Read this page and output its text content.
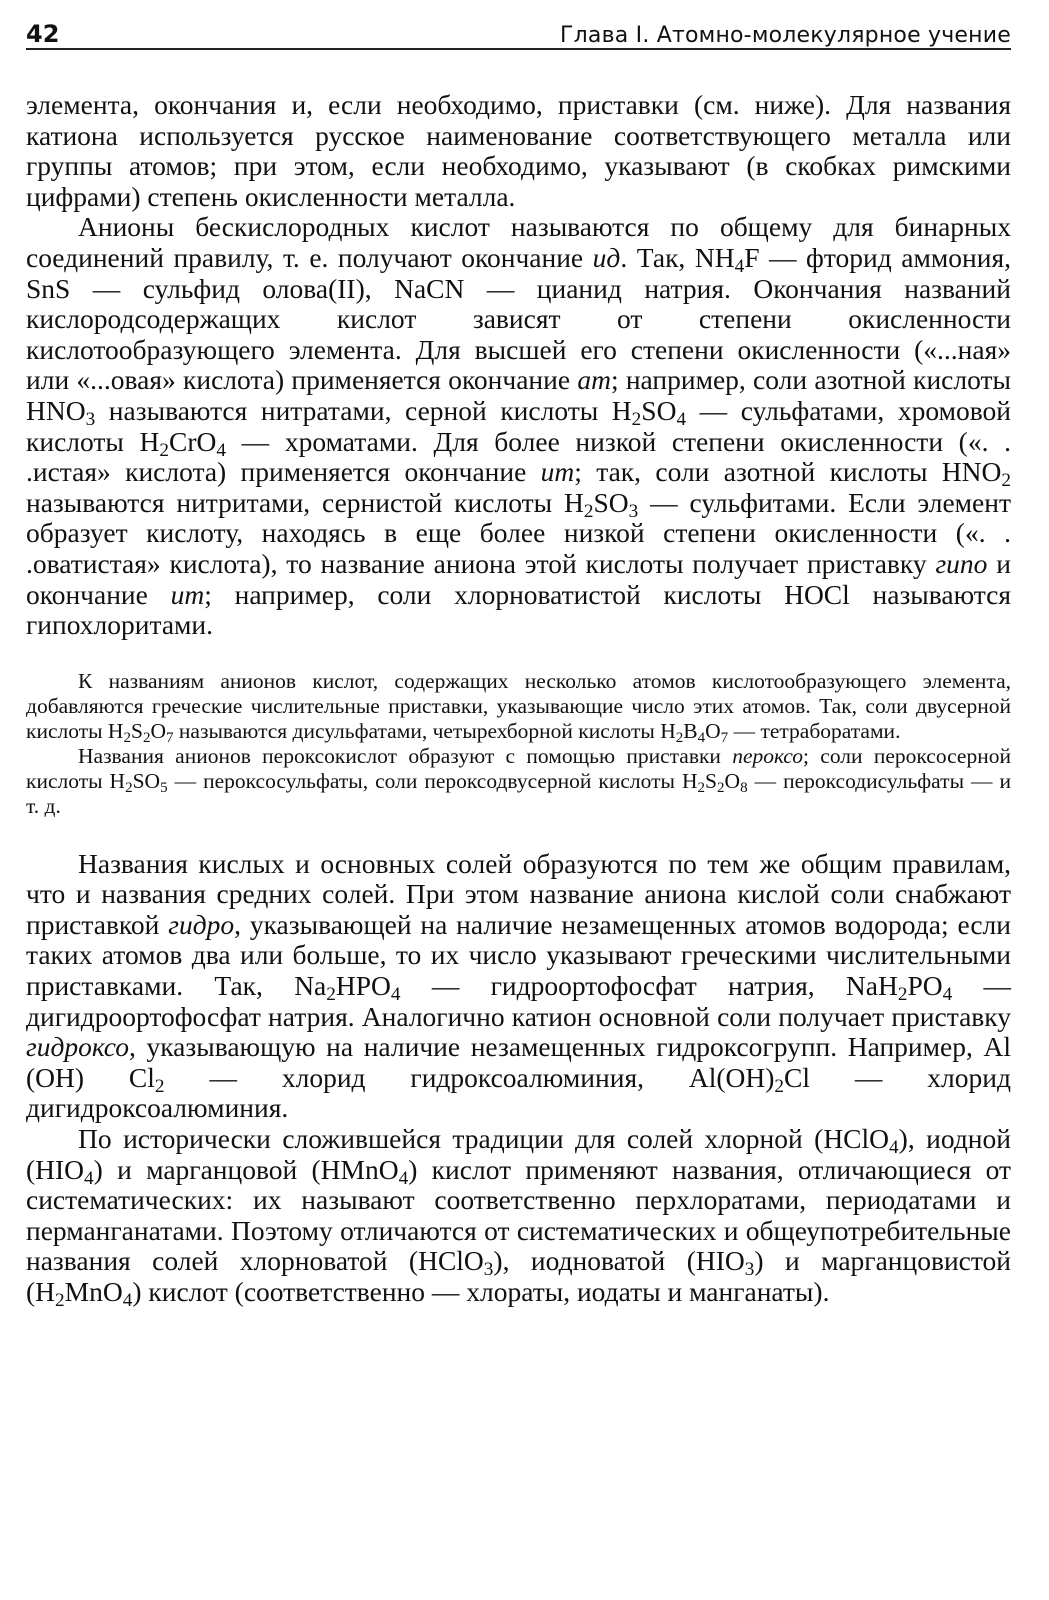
42	Глава I. Атомно-молекулярное учение

элемента, окончания и, если необходимо, приставки (см. ниже). Для названия катиона используется русское наименование соответствующего металла или группы атомов; при этом, если необходимо, указывают (в скобках римскими цифрами) степень окисленности металла.

Анионы бескислородных кислот называются по общему для бинарных соединений правилу, т. е. получают окончание ид. Так, $NH_4F$ — фторид аммония, SnS — сульфид олова(II), NaCN — цианид натрия. Окончания названий кислородсодержащих кислот зависят от степени окисленности кислотообразующего элемента. Для высшей его степени окисленности («...ная» или «...овая» кислота) применяется окончание ат; например, соли азотной кислоты $HNO_3$ называются нитратами, серной кислоты $H_2SO_4$ — сульфатами, хромовой кислоты $H_2CrO_4$ — хроматами. Для более низкой степени окисленности («. . .истая» кислота) применяется окончание ит; так, соли азотной кислоты $HNO_2$ называются нитритами, сернистой кислоты $H_2SO_3$ — сульфитами. Если элемент образует кислоту, находясь в еще более низкой степени окисленности («. . .оватистая» кислота), то название аниона этой кислоты получает приставку гипо и окончание ит; например, соли хлорноватистой кислоты HOCl называются гипохлоритами.

К названиям анионов кислот, содержащих несколько атомов кислотообразующего элемента, добавляются греческие числительные приставки, указывающие число этих атомов. Так, соли двусерной кислоты $H_2S_2O_7$ называются дисульфатами, четырехборной кислоты $H_2B_4O_7$ — тетраборатами.

Названия анионов пероксокислот образуют с помощью приставки пероксо; соли пероксосерной кислоты $H_2SO_5$ — пероксосульфаты, соли пероксодвусерной кислоты $H_2S_2O_8$ — пероксодисульфаты — и т. д.

Названия кислых и основных солей образуются по тем же общим правилам, что и названия средних солей. При этом название аниона кислой соли снабжают приставкой гидро, указывающей на наличие незамещенных атомов водорода; если таких атомов два или больше, то их число указывают греческими числительными приставками. Так, $Na_2HPO_4$ — гидроортофосфат натрия, $NaH_2PO_4$ — дигидроортофосфат натрия. Аналогично катион основной соли получает приставку гидроксо, указывающую на наличие незамещенных гидроксогрупп. Например, Al (OH) $Cl_2$ — хлорид гидроксоалюминия, $Al(OH)_2Cl$ — хлорид дигидроксоалюминия.

По исторически сложившейся традиции для солей хлорной (HClO$_4$), иодной $(HIO_4)$ и марганцовой (HMnO$_4$) кислот применяют названия, отличающиеся от систематических: их называют соответственно перхлоратами, периодатами и перманганатами. Поэтому отличаются от систематических и общеупотребительные названия солей хлорноватой (HClO$_3$), иодноватой $(HIO_3)$ и марганцовистой $(H_2MnO_4)$ кислот (соответственно — хлораты, иодаты и манганаты).
